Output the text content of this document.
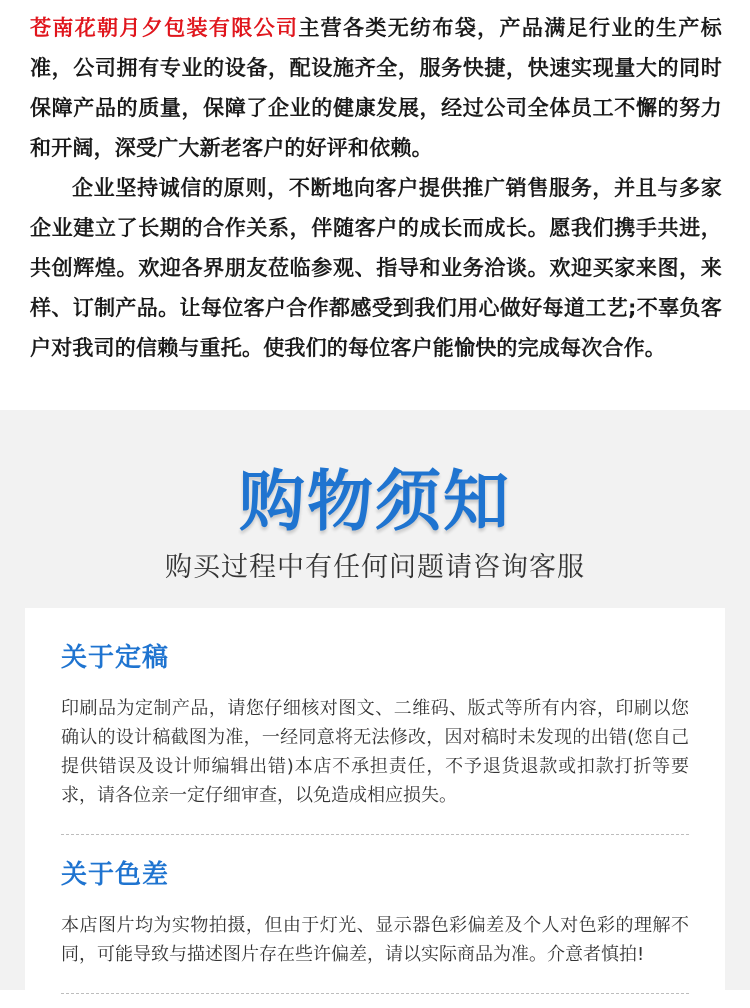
苍南花朝月夕包装有限公司主营各类无纺布袋，产品满足行业的生产标准，公司拥有专业的设备，配设施齐全，服务快捷，快速实现量大的同时保障产品的质量，保障了企业的健康发展，经过公司全体员工不懈的努力和开阔，深受广大新老客户的好评和依赖。

企业坚持诚信的原则，不断地向客户提供推广销售服务，并且与多家企业建立了长期的合作关系，伴随客户的成长而成长。愿我们携手共进，共创辉煌。欢迎各界朋友莅临参观、指导和业务洽谈。欢迎买家来图，来样、订制产品。让每位客户合作都感受到我们用心做好每道工艺;不辜负客户对我司的信赖与重托。使我们的每位客户能愉快的完成每次合作。

购物须知
购买过程中有任何问题请咨询客服
关于定稿
印刷品为定制产品，请您仔细核对图文、二维码、版式等所有内容，印刷以您确认的设计稿截图为准，一经同意将无法修改，因对稿时未发现的出错(您自己提供错误及设计师编辑出错)本店不承担责任，不予退货退款或扣款打折等要求，请各位亲一定仔细审查，以免造成相应损失。
关于色差
本店图片均为实物拍摄，但由于灯光、显示器色彩偏差及个人对色彩的理解不同，可能导致与描述图片存在些许偏差，请以实际商品为准。介意者慎拍!
